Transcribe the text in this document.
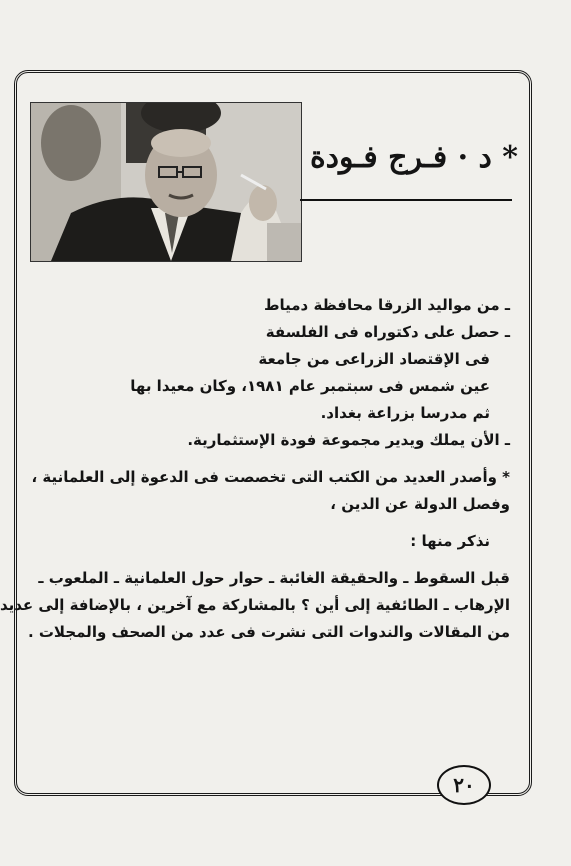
* د · فـرج فـودة
ـ من مواليد الزرقا محافظة دمياط
ـ حصل على دكتوراه فى الفلسفة
فى الإقتصاد الزراعى من جامعة
عين شمس فى سبتمبر عام ١٩٨١، وكان معيدا بها
ثم مدرسا بزراعة بغداد.
ـ الأن يملك ويدير مجموعة فودة الإستثمارية.
* وأصدر العديد من الكتب التى تخصصت فى الدعوة إلى العلمانية ،
وفصل الدولة عن الدين ،
نذكر منها :
قبل السقوط ـ والحقيقة الغائبة ـ حوار حول العلمانية ـ الملعوب ـ
الإرهاب ـ الطائفية إلى أين ؟ بالمشاركة مع آخرين ، بالإضافة إلى عديد
من المقالات والندوات التى نشرت فى عدد من الصحف والمجلات .
٢٠
